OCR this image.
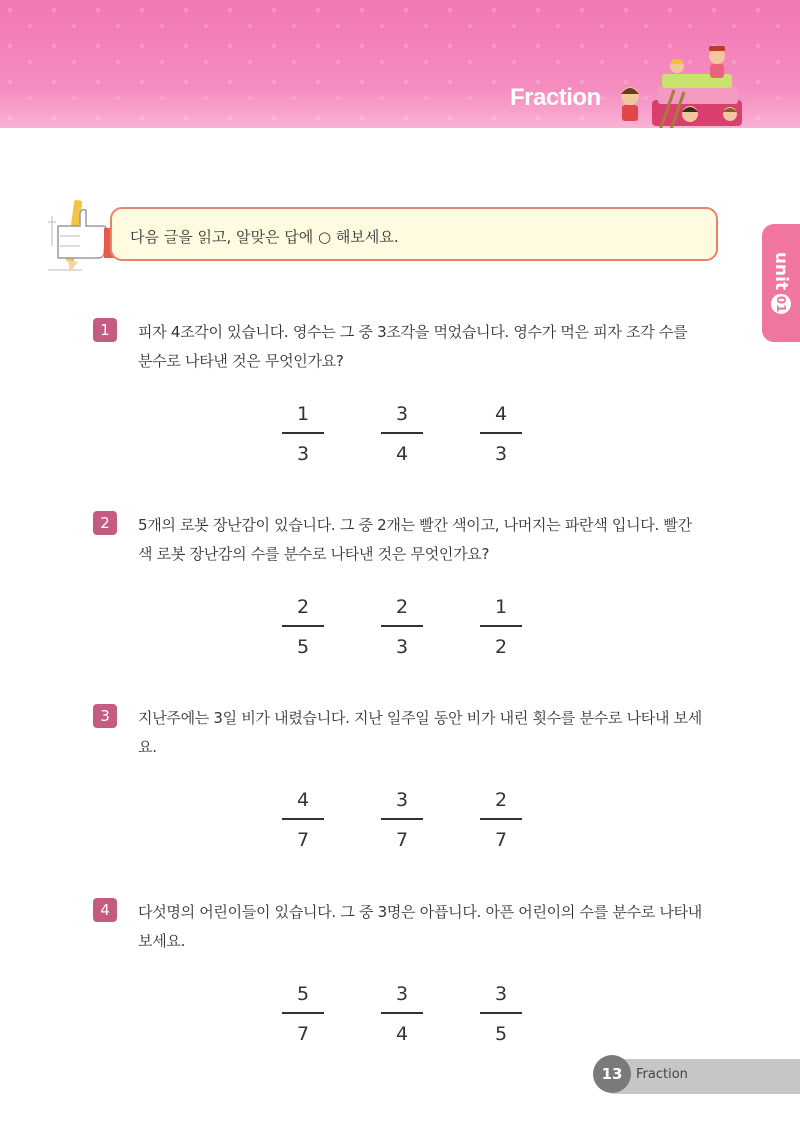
Fraction
unit
01
다음 글을 읽고, 알맞은 답에 ○ 해보세요.
1	피자 4조각이 있습니다. 영수는 그 중 3조각을 먹었습니다. 영수가 먹은 피자 조각 수를 분수로 나타낸 것은 무엇인가요?
1
3
3
4
4
3
2	5개의 로봇 장난감이 있습니다. 그 중 2개는 빨간 색이고, 나머지는 파란색 입니다. 빨간 색 로봇 장난감의 수를 분수로 나타낸 것은 무엇인가요?
2
5
2
3
1
2
3	지난주에는 3일 비가 내렸습니다. 지난 일주일 동안 비가 내린 횟수를 분수로 나타내 보세요.
4
7
3
7
2
7
4	다섯명의 어린이들이 있습니다. 그 중 3명은 아픕니다. 아픈 어린이의 수를 분수로 나타내 보세요.
5
7
3
4
3
5
13	Fraction
